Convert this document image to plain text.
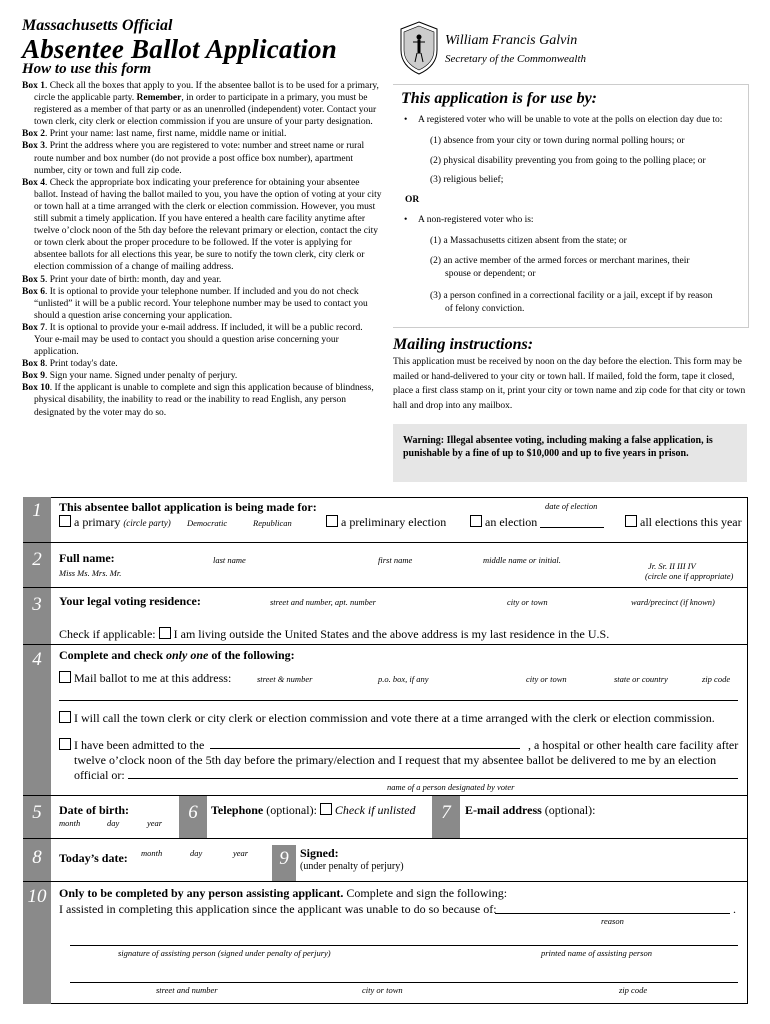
Massachusetts Official
Absentee Ballot Application
How to use this form
William Francis Galvin
Secretary of the Commonwealth

Box 1. Check all the boxes that apply to you. If the absentee ballot is to be used for a primary, circle the applicable party. Remember, in order to participate in a primary, you must be registered as a member of that party or as an unenrolled (independent) voter. Contact your town clerk, city clerk or election commission if you are unsure of your party designation.

Box 2. Print your name: last name, first name, middle name or initial.

Box 3. Print the address where you are registered to vote: number and street name or rural route number and box number (do not provide a post office box number), apartment number, city or town and full zip code.

Box 4. Check the appropriate box indicating your preference for obtaining your absentee ballot. Instead of having the ballot mailed to you, you have the option of voting at your city or town hall at a time arranged with the clerk or election commission. However, you must still submit a timely application. If you have entered a health care facility anytime after twelve o’clock noon of the 5th day before the relevant primary or election, contact the city or town clerk about the proper procedure to be followed. If the voter is applying for absentee ballots for all elections this year, be sure to notify the town clerk, city clerk or election commission of a change of mailing address.

Box 5. Print your date of birth: month, day and year.

Box 6. It is optional to provide your telephone number. If included and you do not check “unlisted” it will be a public record. Your telephone number may be used to contact you should a question arise concerning your application.

Box 7. It is optional to provide your e-mail address. If included, it will be a public record. Your e-mail may be used to contact you should a question arise concerning your application.

Box 8. Print today's date.

Box 9. Sign your name. Signed under penalty of perjury.

Box 10. If the applicant is unable to complete and sign this application because of blindness, physical disability, the inability to read or the inability to read English, any person designated by the voter may do so.

This application is for use by:
• A registered voter who will be unable to vote at the polls on election day due to:
(1) absence from your city or town during normal polling hours; or
(2) physical disability preventing you from going to the polling place; or
(3) religious belief;
OR
• A non-registered voter who is:
(1) a Massachusetts citizen absent from the state; or
(2) an active member of the armed forces or merchant marines, their
spouse or dependent; or
(3) a person confined in a correctional facility or a jail, except if by reason
of felony conviction.
Mailing instructions:
This application must be received by noon on the day before the election. This form may be mailed or hand-delivered to your city or town hall. If mailed, fold the form, tape it closed, place a first class stamp on it, print your city or town name and zip code for that city or town hall and drop into any mailbox.
Warning: Illegal absentee voting, including making a false application, is punishable by a fine of up to $10,000 and up to five years in prison.
1	This absentee ballot application is being made for:	date of election
a primary (circle party) Democratic	Republican	a preliminary election	an election	all elections this year
2	Full name:
Miss Ms. Mrs. Mr.
last name	first name	middle name or initial.
Jr. Sr. II III IV
(circle one if appropriate)
3	Your legal voting residence:	street and number, apt. number	city or town	ward/precinct (if known)
Check if applicable: I am living outside the United States and the above address is my last residence in the U.S.
4	Complete and check only one of the following:
Mail ballot to me at this address:	street & number	p.o. box, if any	city or town	state or country	zip code
I will call the town clerk or city clerk or election commission and vote there at a time arranged with the clerk or election commission.
I have been admitted to the	, a hospital or other health care facility after
twelve o’clock noon of the 5th day before the primary/election and I request that my absentee ballot be delivered to me by an election
official or:
name of a person designated by voter
5	Date of birth:
month	day	year	6	Telephone (optional): Check if unlisted	7	E-mail address (optional):
8	Today’s date: month	day	year	9 Signed:
(under penalty of perjury)
10	Only to be completed by any person assisting applicant. Complete and sign the following:
I assisted in completing this application since the applicant was unable to do so because of:	.
reason
signature of assisting person (signed under penalty of perjury)	printed name of assisting person
street and number	city or town	zip code
